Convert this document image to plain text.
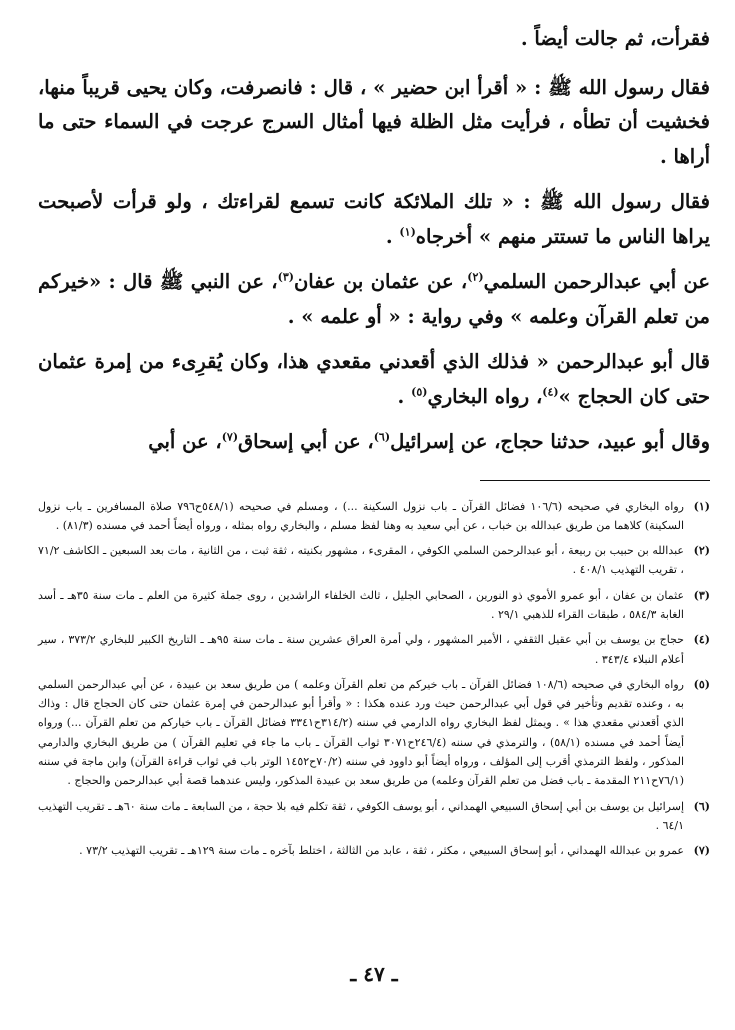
فقرأت، ثم جالت أيضاً .

فقال رسول الله ﷺ : « أقرأ ابن حضير » ، قال : فانصرفت، وكان يحيى قريباً منها، فخشيت أن تطأه ، فرأيت مثل الظلة فيها أمثال السرج عرجت في السماء حتى ما أراها .

فقال رسول الله ﷺ : « تلك الملائكة كانت تسمع لقراءتك ، ولو قرأت لأصبحت يراها الناس ما تستتر منهم » أخرجاه$^{(١)}$ .

عن أبي عبدالرحمن السلمي$^{(٢)}$، عن عثمان بن عفان$^{(٣)}$، عن النبي ﷺ قال : «خيركم من تعلم القرآن وعلمه » وفي رواية : « أو علمه » .

قال أبو عبدالرحمن « فذلك الذي أقعدني مقعدي هذا، وكان يُقرِىء من إمرة عثمان حتى كان الحجاج »$^{(٤)}$، رواه البخاري$^{(٥)}$ .

وقال أبو عبيد، حدثنا حجاج، عن إسرائيل$^{(٦)}$، عن أبي إسحاق$^{(٧)}$، عن أبي

(١)
رواه البخاري في صحيحه (١٠٦/٦ فضائل القرآن ـ باب نزول السكينة ...) ، ومسلم في صحيحه (٥٤٨/١ح٧٩٦ صلاة المسافرين ـ باب نزول السكينة) كلاهما من طريق عبدالله بن خباب ، عن أبي سعيد به وهنا لفظ مسلم ، والبخاري رواه بمثله ، ورواه أيضاً أحمد في مسنده (٨١/٣) .

(٢)
عبدالله بن حبيب بن ربيعة ، أبو عبدالرحمن السلمي الكوفي ، المقرىء ، مشهور بكنيته ، ثقة ثبت ، من الثانية ، مات بعد السبعين ـ الكاشف ٧١/٢ ، تقريب التهذيب ٤٠٨/١ .

(٣)
عثمان بن عفان ، أبو عمرو الأموي ذو النورين ، الصحابي الجليل ، ثالث الخلفاء الراشدين ، روى جملة كثيرة من العلم ـ مات سنة ٣٥هـ ـ أسد الغابة ٥٨٤/٣ ، طبقات القراء للذهبي ٢٩/١ .

(٤)
حجاج بن يوسف بن أبي عقيل الثقفي ، الأمير المشهور ، ولي أمرة العراق عشرين سنة ـ مات سنة ٩٥هـ ـ التاريخ الكبير للبخاري ٣٧٣/٢ ، سير أعلام النبلاء ٣٤٣/٤ .

(٥)
رواه البخاري في صحيحه (١٠٨/٦ فضائل القرآن ـ باب خيركم من تعلم القرآن وعلمه ) من طريق سعد بن عبيدة ، عن أبي عبدالرحمن السلمي به ، وعنده تقديم وتأخير في قول أبي عبدالرحمن حيث ورد عنده هكذا : « وأقرأ أبو عبدالرحمن في إمرة عثمان حتى كان الحجاج قال : وذاك الذي أقعدني مقعدي هذا » . ويمثل لفظ البخاري رواه الدارمي في سننه (٣١٤/٢ح٣٣٤١ فضائل القرآن ـ باب خياركم من تعلم القرآن ...) ورواه أيضاً أحمد في مسنده (٥٨/١) ، والترمذي في سننه (٢٤٦/٤ح٣٠٧١ ثواب القرآن ـ باب ما جاء في تعليم القرآن ) من طريق البخاري والدارمي المذكور ، ولفظ الترمذي أقرب إلى المؤلف ، ورواه أيضاً أبو داوود في سننه (٧٠/٢ح١٤٥٢ الوتر باب في ثواب قراءة القرآن) وابن ماجة في سننه (٧٦/١ح٢١١ المقدمة ـ باب فضل من تعلم القرآن وعلمه) من طريق سعد بن عبيدة المذكور، وليس عندهما قصة أبي عبدالرحمن والحجاج .

(٦)
إسرائيل بن يوسف بن أبي إسحاق السبيعي الهمداني ، أبو يوسف الكوفي ، ثقة تكلم فيه بلا حجة ، من السابعة ـ مات سنة ٦٠هـ ـ تقريب التهذيب ٦٤/١ .

(٧)
عمرو بن عبدالله الهمداني ، أبو إسحاق السبيعي ، مكثر ، ثقة ، عابد من الثالثة ، اختلط بآخره ـ مات سنة ١٢٩هـ ـ تقريب التهذيب ٧٣/٢ .

ـ ٤٧ ـ
